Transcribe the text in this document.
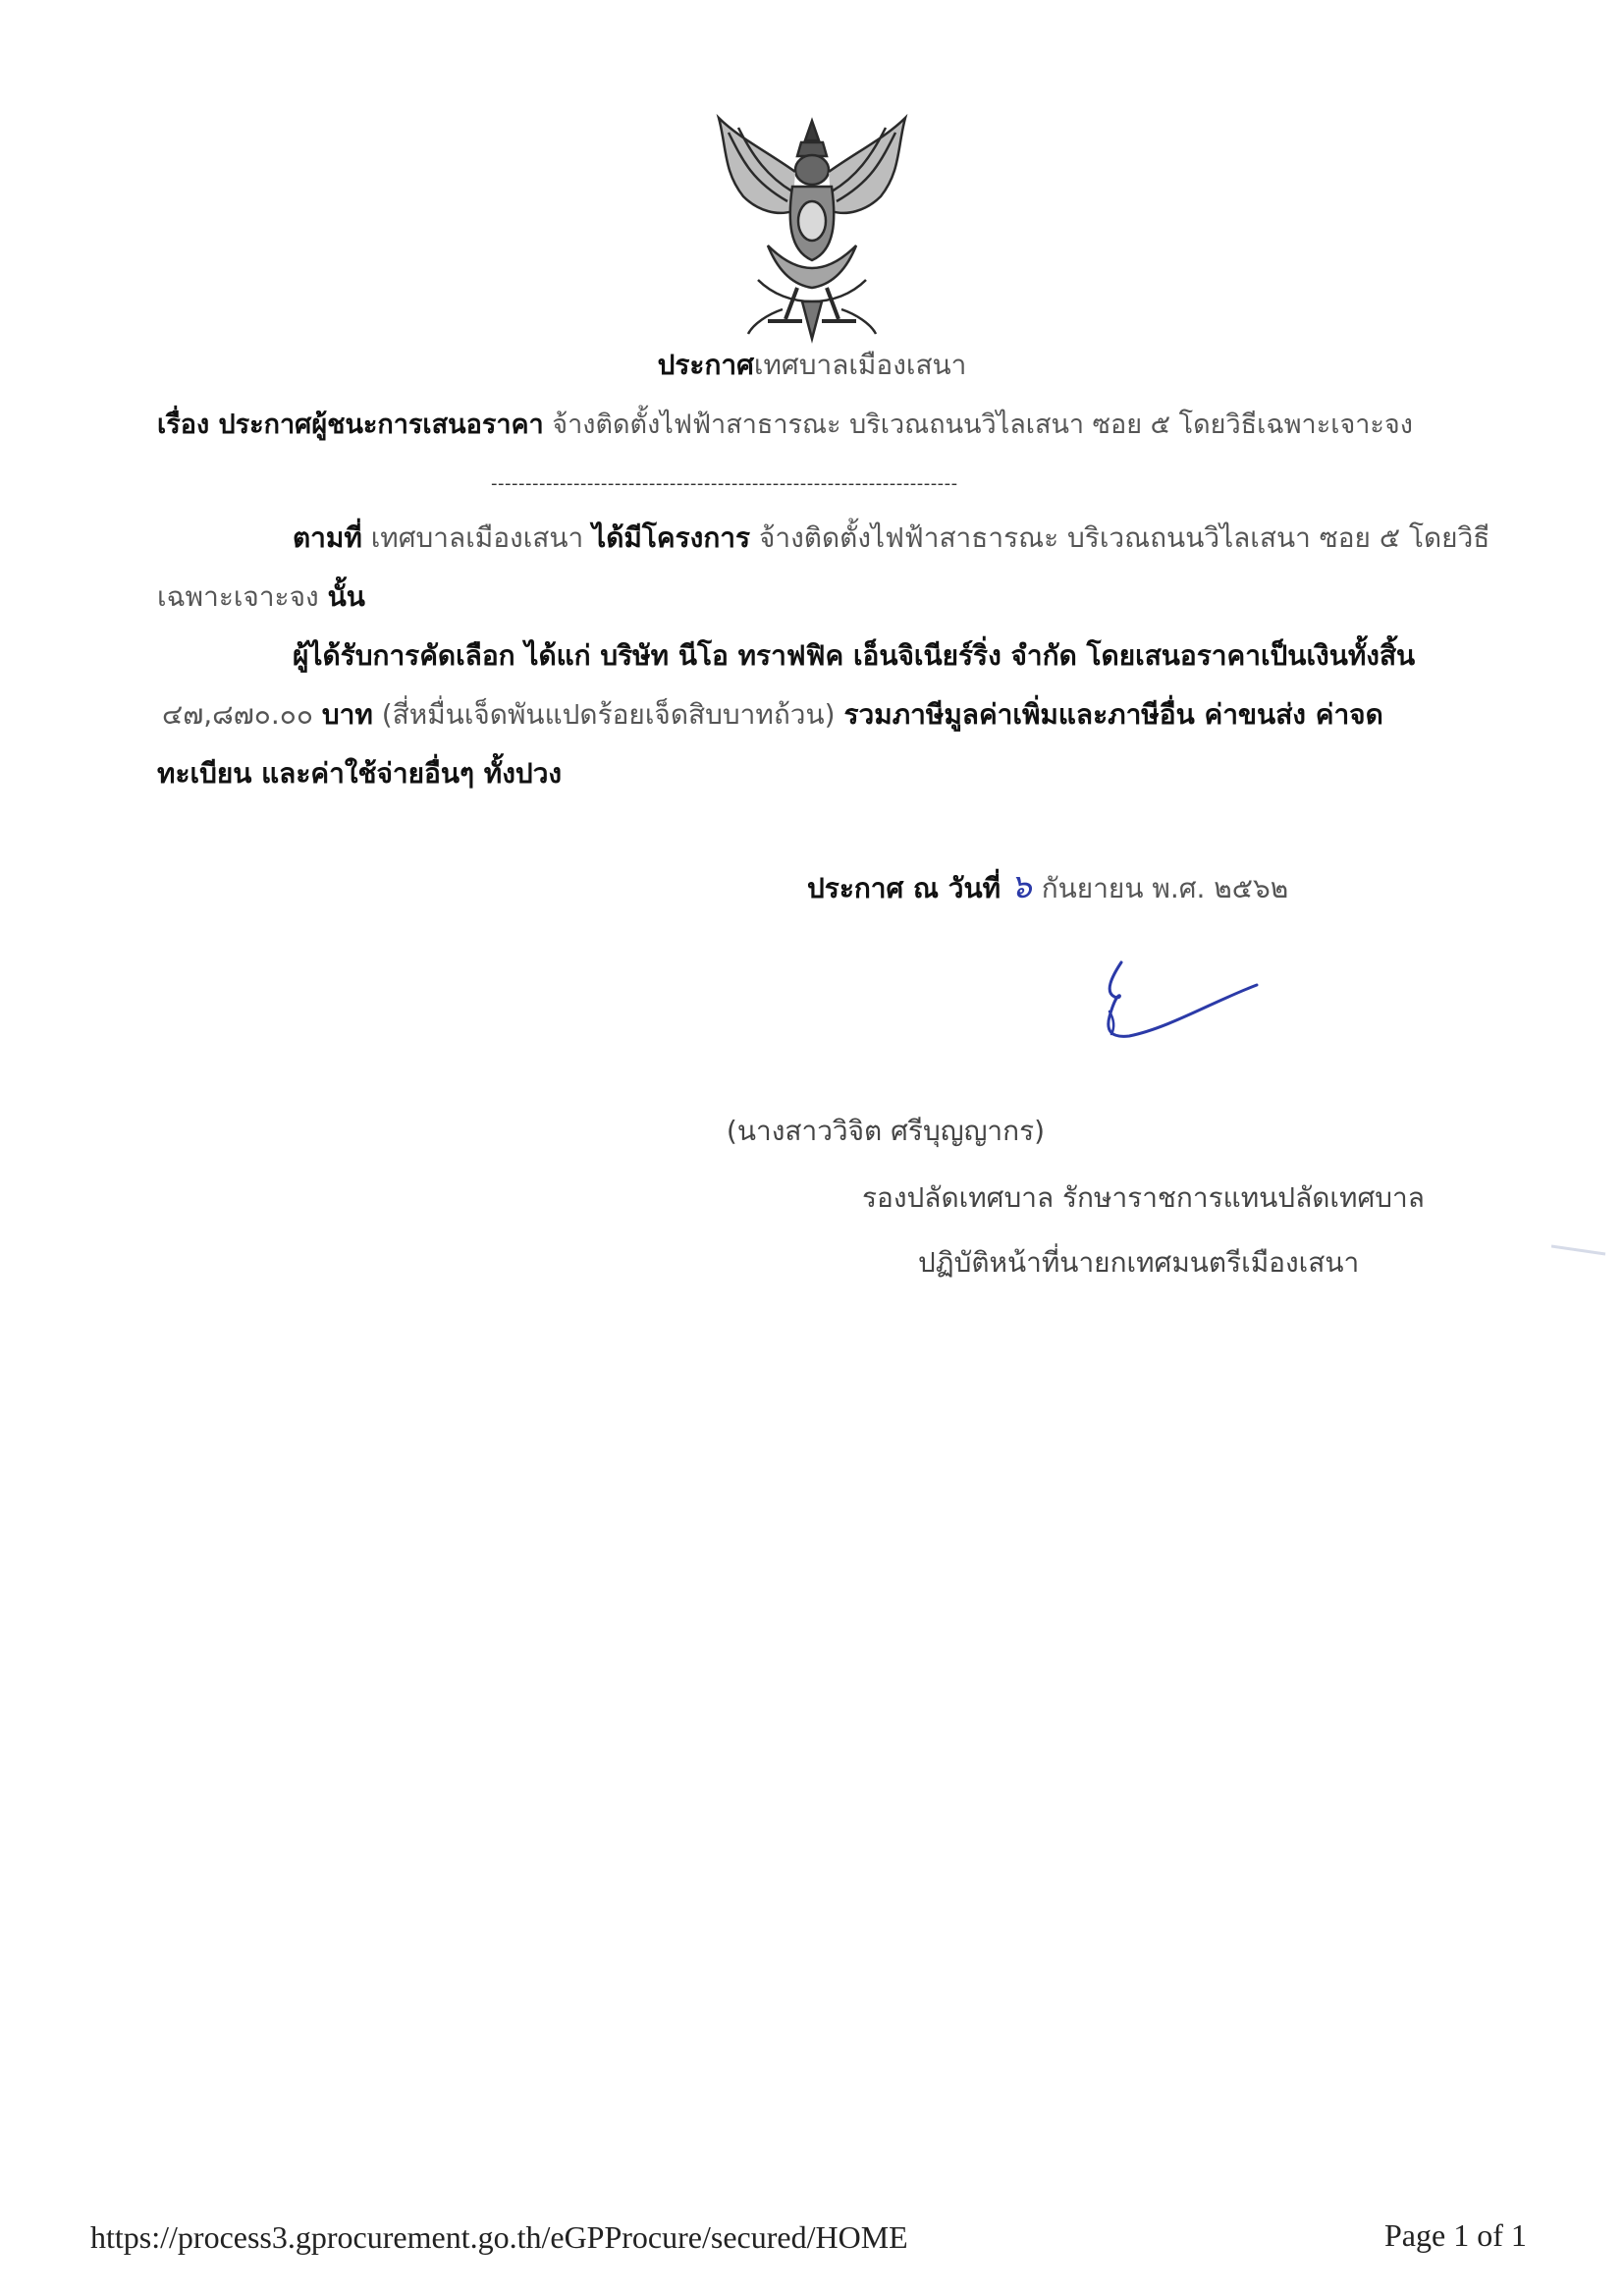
ประกาศเทศบาลเมืองเสนา
เรื่อง ประกาศผู้ชนะการเสนอราคา จ้างติดตั้งไฟฟ้าสาธารณะ บริเวณถนนวิไลเสนา ซอย ๕ โดยวิธีเฉพาะเจาะจง
--------------------------------------------------------------------
ตามที่ เทศบาลเมืองเสนา ได้มีโครงการ จ้างติดตั้งไฟฟ้าสาธารณะ บริเวณถนนวิไลเสนา ซอย ๕ โดยวิธี
เฉพาะเจาะจง นั้น
ผู้ได้รับการคัดเลือก ได้แก่ บริษัท นีโอ ทราฟฟิค เอ็นจิเนียร์ริ่ง จำกัด โดยเสนอราคาเป็นเงินทั้งสิ้น
๔๗,๘๗๐.๐๐ บาท (สี่หมื่นเจ็ดพันแปดร้อยเจ็ดสิบบาทถ้วน) รวมภาษีมูลค่าเพิ่มและภาษีอื่น ค่าขนส่ง ค่าจด
ทะเบียน และค่าใช้จ่ายอื่นๆ ทั้งปวง
ประกาศ ณ วันที่ ๖ กันยายน พ.ศ. ๒๕๖๒
(นางสาววิจิต ศรีบุญญากร)
รองปลัดเทศบาล รักษาราชการแทนปลัดเทศบาล
ปฏิบัติหน้าที่นายกเทศมนตรีเมืองเสนา
https://process3.gprocurement.go.th/eGPProcure/secured/HOME	Page 1 of 1
